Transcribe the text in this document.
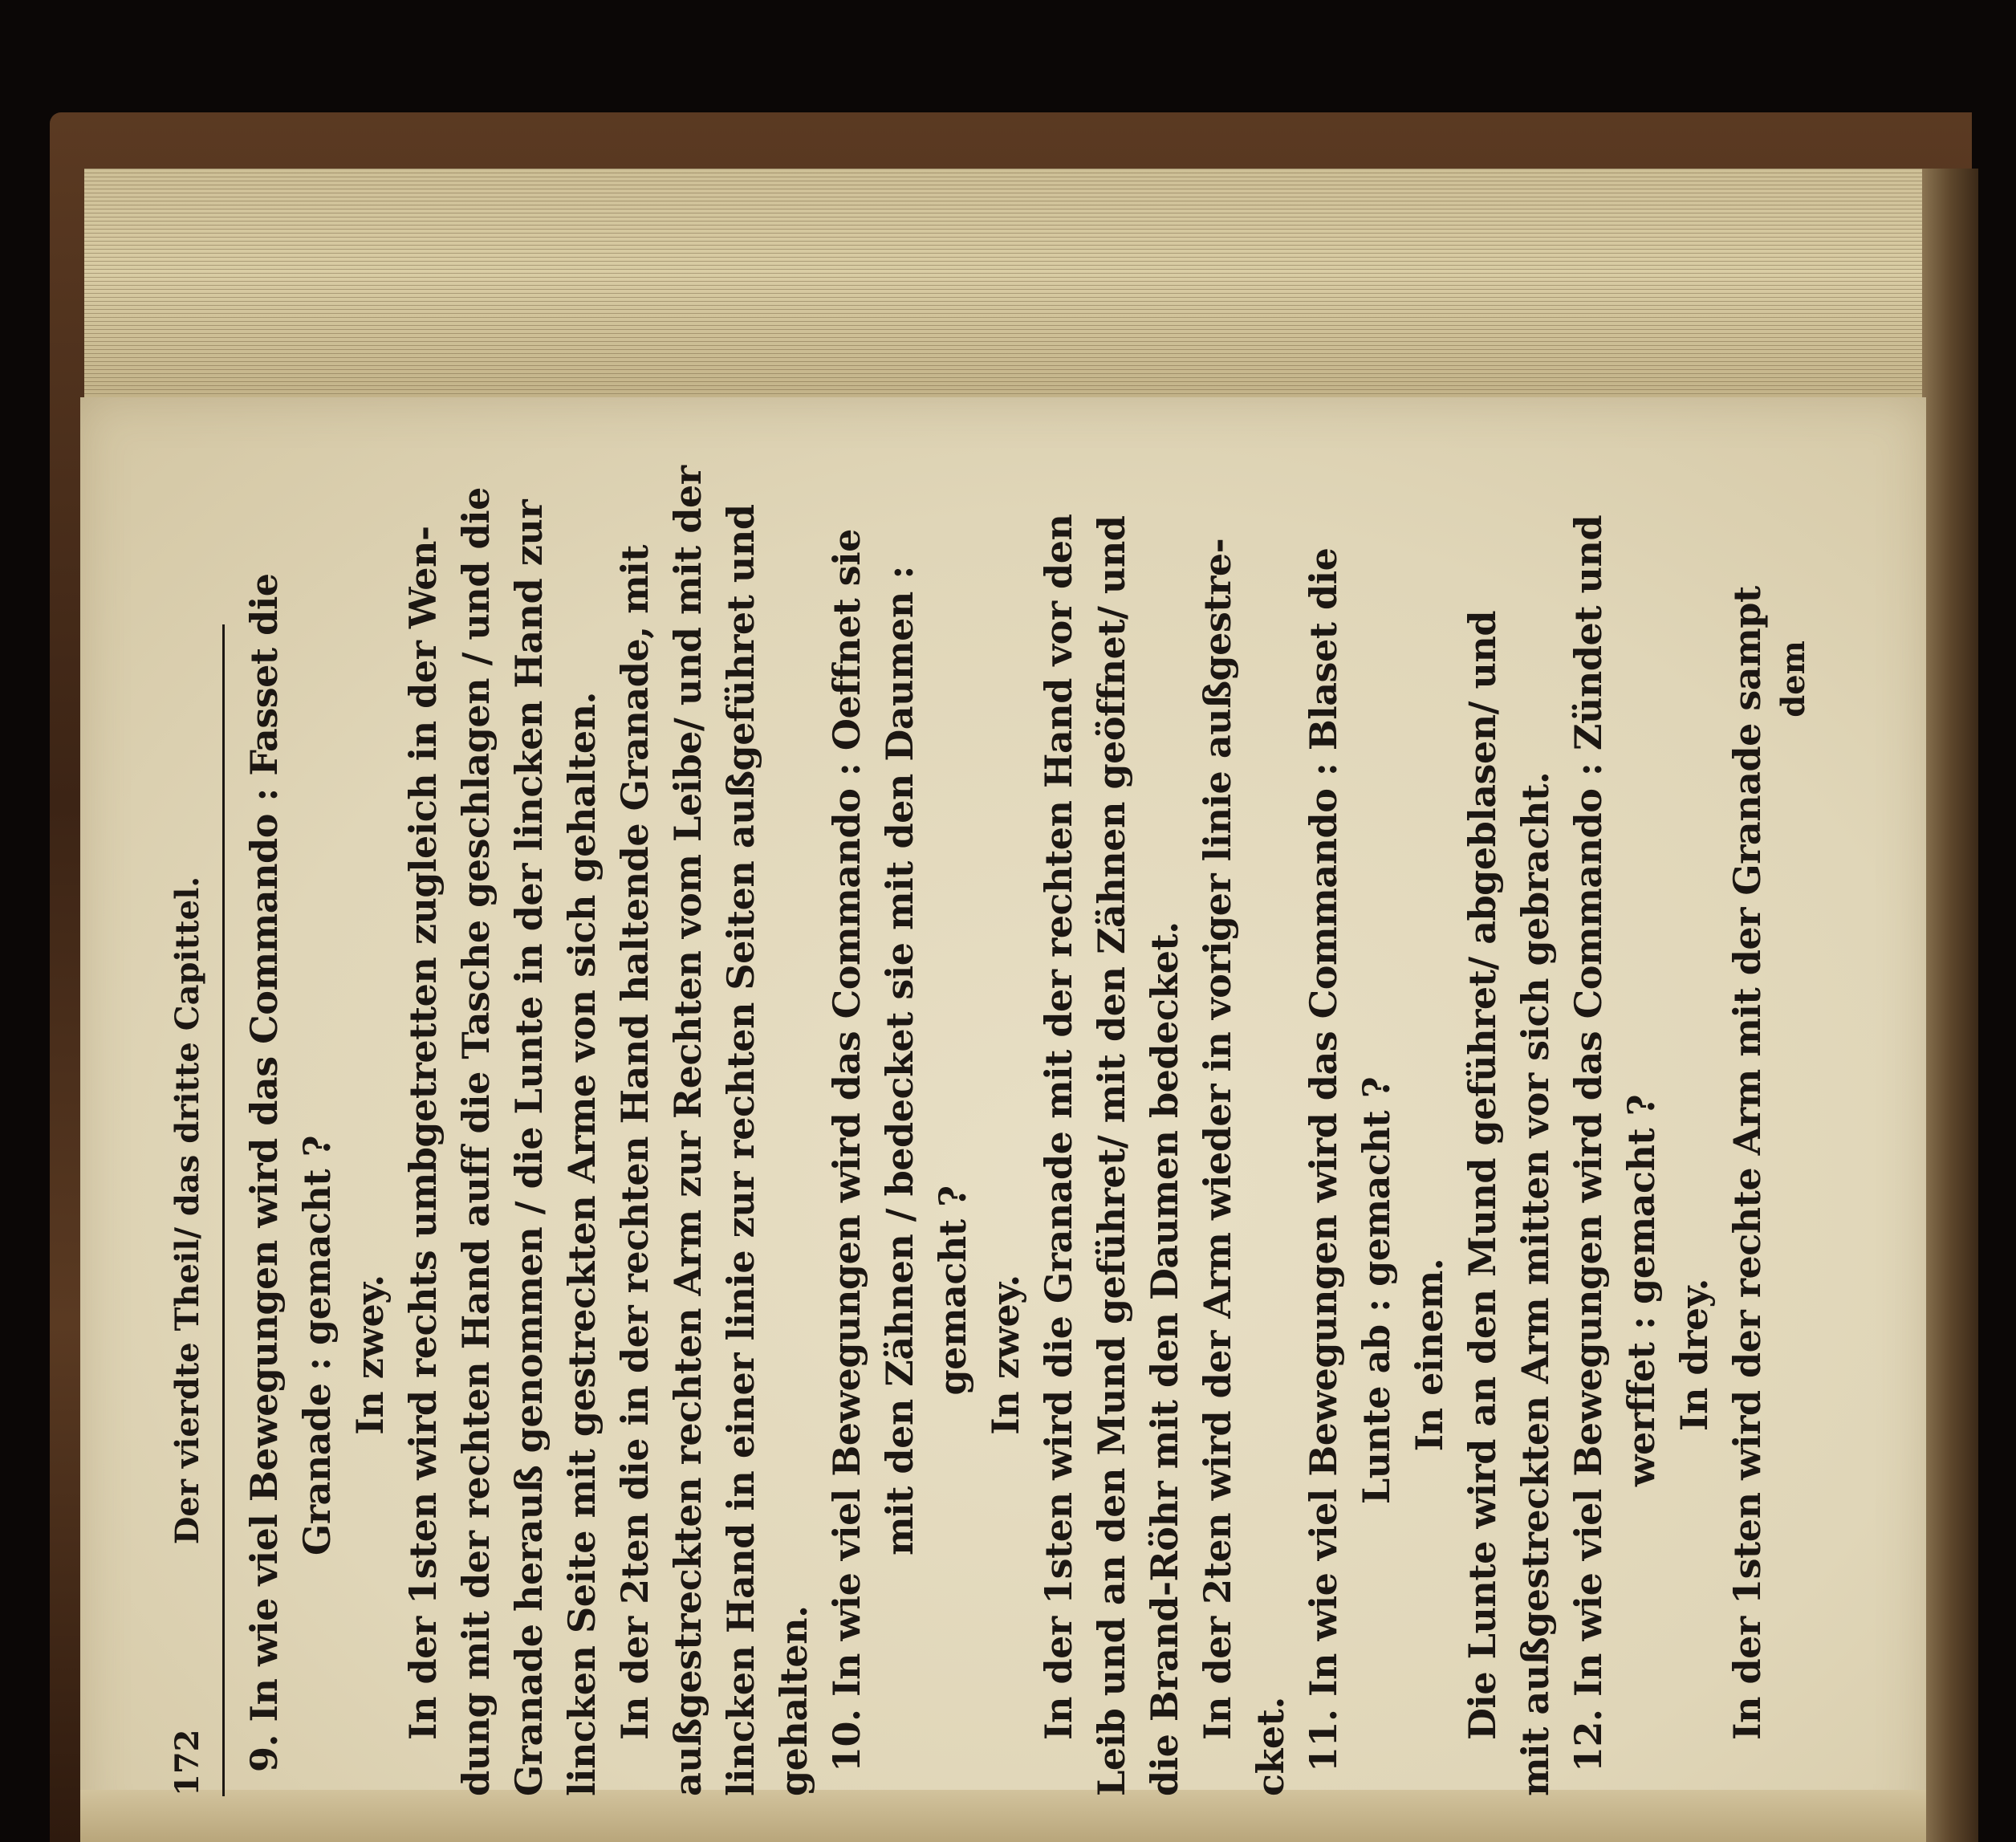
172
Der vierdte Theil/ das dritte Capittel. 9. In wie viel Bewegungen wird das Commando : Fasset die Granade : gemacht ? In zwey. In der 1sten wird rechts umbgetretten zugleich in der Wen- dung mit der rechten Hand auff die Tasche geschlagen / und die Granade herauß genommen / die Lunte in der lincken Hand zur lincken Seite mit gestreckten Arme von sich gehalten. In der 2ten die in der rechten Hand haltende Granade, mit außgestreckten rechten Arm zur Rechten vom Leibe/ und mit der lincken Hand in einer linie zur rechten Seiten außgeführet und gehalten. 10. In wie viel Bewegungen wird das Commando : Oeffnet sie mit den Zähnen / bedecket sie mit den Daumen : gemacht ? In zwey. In der 1sten wird die Granade mit der rechten Hand vor den Leib und an den Mund geführet/ mit den Zähnen geöffnet/ und die Brand-Röhr mit den Daumen bedecket. In der 2ten wird der Arm wieder in voriger linie außgestre-

cket. 11. In wie viel Bewegungen wird das Commando : Blaset die Lunte ab : gemacht ? In einem. Die Lunte wird an den Mund geführet/ abgeblasen/ und mit außgestreckten Arm mitten vor sich gebracht. 12. In wie viel Bewegungen wird das Commando : Zündet und werffet : gemacht ? In drey. In der 1sten wird der rechte Arm mit der Granade sampt dem
